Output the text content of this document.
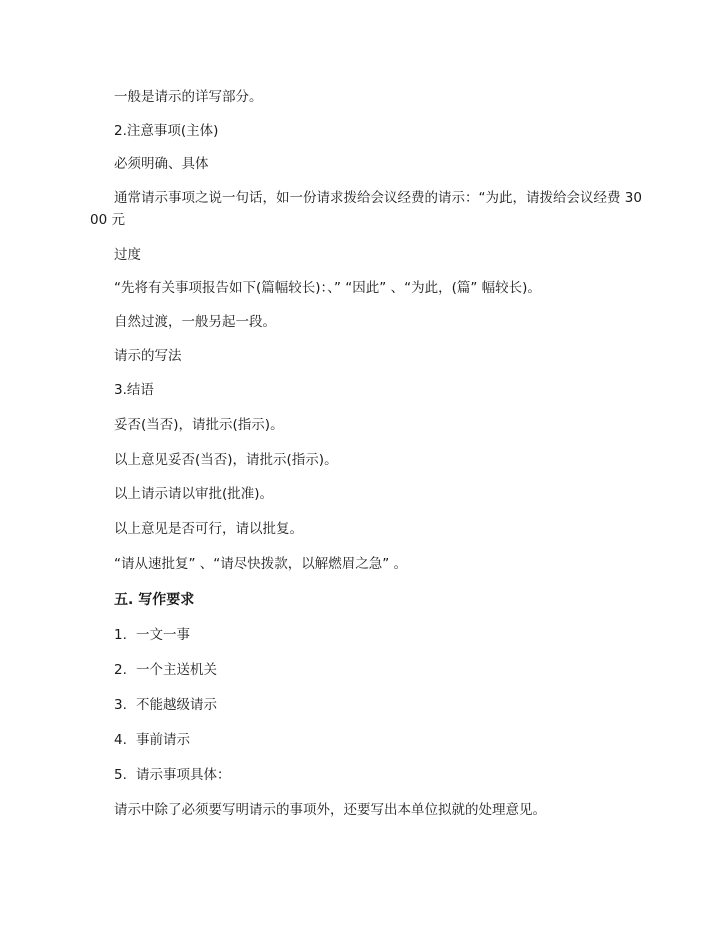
一般是请示的详写部分。
2.注意事项(主体)
必须明确、具体
通常请示事项之说一句话，如一份请求拨给会议经费的请示：“为此，请拨给会议经费 3000 元
过度
“先将有关事项报告如下(篇幅较长)：、” “因此” 、“为此，(篇” 幅较长)。
自然过渡，一般另起一段。
请示的写法
3.结语
妥否(当否)，请批示(指示)。
以上意见妥否(当否)，请批示(指示)。
以上请示请以审批(批准)。
以上意见是否可行，请以批复。
“请从速批复” 、“请尽快拨款，以解燃眉之急” 。
五. 写作要求
1. 一文一事
2. 一个主送机关
3. 不能越级请示
4. 事前请示
5. 请示事项具体：
请示中除了必须要写明请示的事项外，还要写出本单位拟就的处理意见。
